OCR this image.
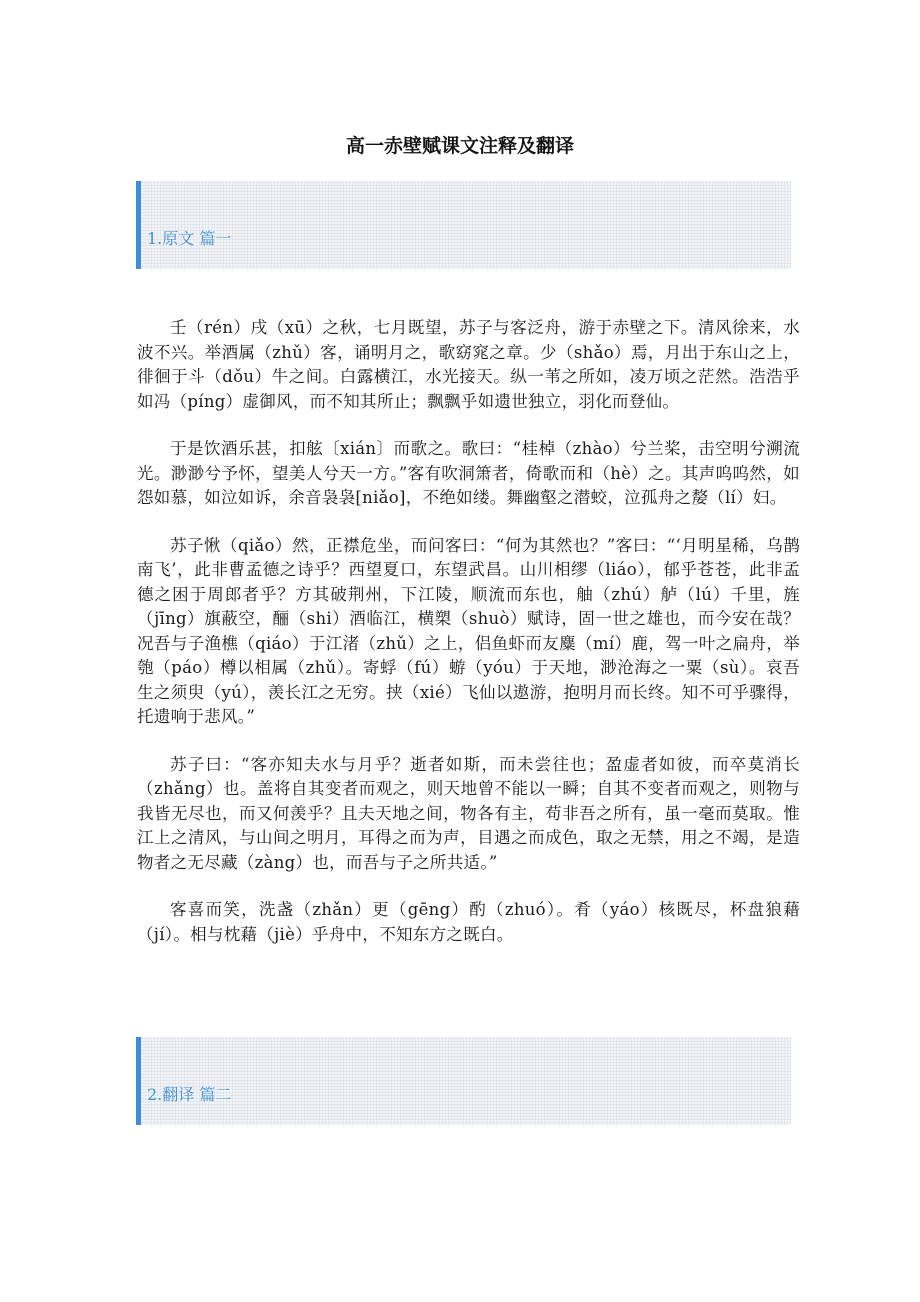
高一赤壁赋课文注释及翻译
1.原文 篇一

壬（rén）戌（xū）之秋，七月既望，苏子与客泛舟，游于赤壁之下。清风徐来，水波不兴。举酒属（zhǔ）客，诵明月之，歌窈窕之章。少（shǎo）焉，月出于东山之上，徘徊于斗（dǒu）牛之间。白露横江，水光接天。纵一苇之所如，凌万顷之茫然。浩浩乎如冯（píng）虚御风，而不知其所止；飘飘乎如遗世独立，羽化而登仙。

于是饮酒乐甚，扣舷〔xián〕而歌之。歌曰：“桂棹（zhào）兮兰桨，击空明兮溯流光。渺渺兮予怀，望美人兮天一方。”客有吹洞箫者，倚歌而和（hè）之。其声呜呜然，如怨如慕，如泣如诉，余音袅袅[niǎo]，不绝如缕。舞幽壑之潜蛟，泣孤舟之嫠（lí）妇。

苏子愀（qiǎo）然，正襟危坐，而问客曰：“何为其然也？”客曰：“‘月明星稀，乌鹊南飞’，此非曹孟德之诗乎？西望夏口，东望武昌。山川相缪（liáo），郁乎苍苍，此非孟德之困于周郎者乎？方其破荆州，下江陵，顺流而东也，舳（zhú）舻（lú）千里，旌（jīng）旗蔽空，酾（shi）酒临江，横槊（shuò）赋诗，固一世之雄也，而今安在哉？况吾与子渔樵（qiáo）于江渚（zhǔ）之上，侣鱼虾而友麋（mí）鹿，驾一叶之扁舟，举匏（páo）樽以相属（zhǔ）。寄蜉（fú）蝣（yóu）于天地，渺沧海之一粟（sù）。哀吾生之须臾（yú），羡长江之无穷。挟（xié）飞仙以遨游，抱明月而长终。知不可乎骤得，托遗响于悲风。”

苏子曰：“客亦知夫水与月乎？逝者如斯，而未尝往也；盈虚者如彼，而卒莫消长（zhǎng）也。盖将自其变者而观之，则天地曾不能以一瞬；自其不变者而观之，则物与我皆无尽也，而又何羡乎？且夫天地之间，物各有主，苟非吾之所有，虽一毫而莫取。惟江上之清风，与山间之明月，耳得之而为声，目遇之而成色，取之无禁，用之不竭，是造物者之无尽藏（zàng）也，而吾与子之所共适。”

客喜而笑，洗盏（zhǎn）更（gēng）酌（zhuó）。肴（yáo）核既尽，杯盘狼藉（jí）。相与枕藉（jiè）乎舟中，不知东方之既白。

2.翻译 篇二
